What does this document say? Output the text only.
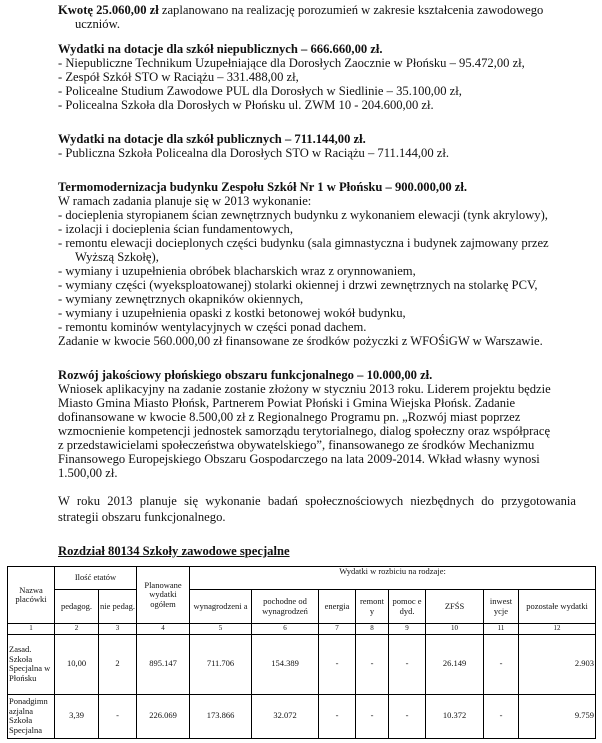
Kwotę 25.060,00 zł zaplanowano na realizację porozumień w zakresie kształcenia zawodowego
uczniów.
Wydatki na dotacje dla szkół niepublicznych – 666.660,00 zł.
- Niepubliczne Technikum Uzupełniające dla Dorosłych Zaocznie w Płońsku – 95.472,00 zł,
- Zespół Szkół STO w Raciążu – 331.488,00 zł,
- Policealne Studium Zawodowe PUL dla Dorosłych w Siedlinie – 35.100,00 zł,
- Policealna Szkoła dla Dorosłych w Płońsku ul. ZWM 10 - 204.600,00 zł.
Wydatki na dotacje dla szkół publicznych – 711.144,00 zł.
- Publiczna Szkoła Policealna dla Dorosłych STO w Raciążu – 711.144,00 zł.
Termomodernizacja budynku Zespołu Szkół Nr 1 w Płońsku – 900.000,00 zł.
W ramach zadania planuje się w 2013 wykonanie:
- docieplenia styropianem ścian zewnętrznych budynku z wykonaniem elewacji (tynk akrylowy),
- izolacji i docieplenia ścian fundamentowych,
- remontu elewacji docieplonych części budynku (sala gimnastyczna i budynek zajmowany przez
Wyższą Szkołę),
- wymiany i uzupełnienia obróbek blacharskich wraz z orynnowaniem,
- wymiany części (wyeksploatowanej) stolarki okiennej i drzwi zewnętrznych na stolarkę PCV,
- wymiany zewnętrznych okapników okiennych,
- wymiany i uzupełnienia opaski z kostki betonowej wokół budynku,
- remontu kominów wentylacyjnych w części ponad dachem.
Zadanie w kwocie 560.000,00 zł finansowane ze środków pożyczki z WFOŚiGW w Warszawie.
Rozwój jakościowy płońskiego obszaru funkcjonalnego – 10.000,00 zł.
Wniosek aplikacyjny na zadanie zostanie złożony w styczniu 2013 roku. Liderem projektu będzie
Miasto Gmina Miasto Płońsk, Partnerem Powiat Płoński i Gmina Wiejska Płońsk. Zadanie
dofinansowane w kwocie 8.500,00 zł z Regionalnego Programu pn. „Rozwój miast poprzez
wzmocnienie kompetencji jednostek samorządu terytorialnego, dialog społeczny oraz współpracę
z przedstawicielami społeczeństwa obywatelskiego”, finansowanego ze środków Mechanizmu
Finansowego Europejskiego Obszaru Gospodarczego na lata 2009-2014. Wkład własny wynosi
1.500,00 zł.
W roku 2013 planuje się wykonanie badań społecznościowych niezbędnych do przygotowania
strategii obszaru funkcjonalnego.
Rozdział 80134 Szkoły zawodowe specjalne
Nazwa placówki	Ilość etatów		Planowane wydatki ogółem	Wydatki w rozbiciu na rodzaje:							
	pedagog.	nie pedag.		wynagrodzeni a	pochodne od wynagrodzeń	energia	remont y	pomoc e dyd.	ZFŚS	inwest ycje	pozostałe wydatki
1	2	3	4	5	6	7	8	9	10	11	12
Zasad. Szkoła Specjalna w Płońsku	10,00	2	895.147	711.706	154.389	-	-	-	26.149	-	2.903
Ponadgimn azjalna Szkoła Specjalna	3,39	-	226.069	173.866	32.072	-	-	-	10.372	-	9.759
